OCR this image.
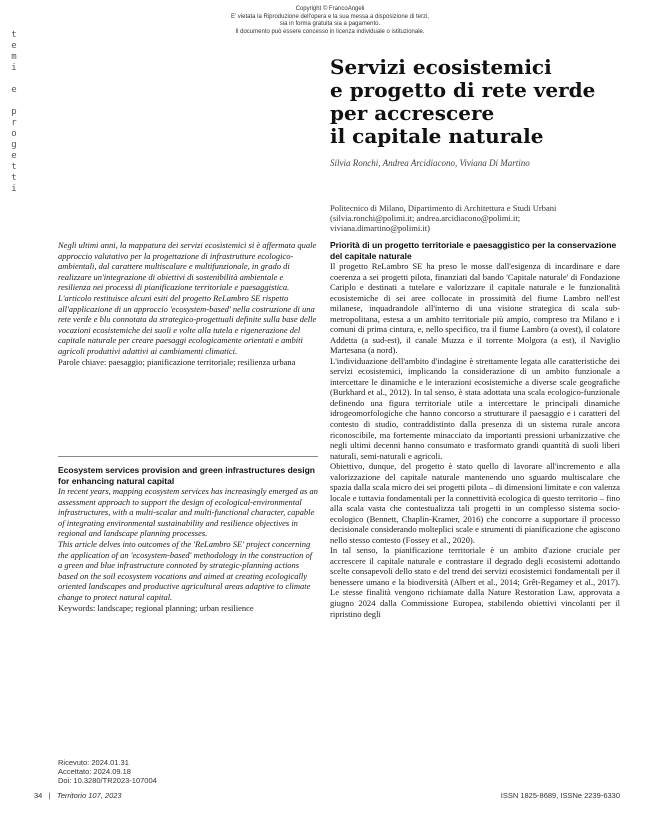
Copyright © FrancoAngeli
E' vietata la Riproduzione dell'opera e la sua messa a disposizione di terzi,
sia in forma gratuita sia a pagamento.
Il documento può essere concesso in licenza individuale o istituzionale.
t
e
m
i

e

p
r
o
g
e
t
t
i
Servizi ecosistemici
e progetto di rete verde
per accrescere
il capitale naturale
Silvia Ronchi, Andrea Arcidiacono, Viviana Di Martino
Politecnico di Milano, Dipartimento di Architettura e Studi Urbani
(silvia.ronchi@polimi.it; andrea.arcidiacono@polimi.it;
viviana.dimartino@polimi.it)

Negli ultimi anni, la mappatura dei servizi ecosistemici si è affermata quale approccio valutativo per la progettazione di infrastrutture ecologico-ambientali, dal carattere multiscalare e multifunzionale, in grado di realizzare un'integrazione di obiettivi di sostenibilità ambientale e resilienza nei processi di pianificazione territoriale e paesaggistica.

L'articolo restituisce alcuni esiti del progetto ReLambro SE rispetto all'applicazione di un approccio 'ecosystem-based' nella costruzione di una rete verde e blu connotata da strategico-progettuali definite sulla base delle vocazioni ecosistemiche dei suoli e volte alla tutela e rigenerazione del capitale naturale per creare paesaggi ecologicamente orientati e ambiti agricoli produttivi adattivi ai cambiamenti climatici.

Parole chiave: paesaggio; pianificazione territoriale; resilienza urbana

Ecosystem services provision and green infrastructures design for enhancing natural capital

In recent years, mapping ecosystem services has increasingly emerged as an assessment approach to support the design of ecological-environmental infrastructures, with a multi-scalar and multi-functional character, capable of integrating environmental sustainability and resilience objectives in regional and landscape planning processes.

This article delves into outcomes of the 'ReLambro SE' project concerning the application of an 'ecosystem-based' methodology in the construction of a green and blue infrastructure connoted by strategic-planning actions based on the soil ecosystem vocations and aimed at creating ecologically oriented landscapes and productive agricultural areas adaptive to climate change to protect natural capital.

Keywords: landscape; regional planning; urban resilience

Ricevuto: 2024.01.31
Accettato: 2024.09.18
Doi: 10.3280/TR2023-107004
Priorità di un progetto territoriale e paesaggistico per la conservazione del capitale naturale

Il progetto ReLambro SE ha preso le mosse dall'esigenza di incardinare e dare coerenza a sei progetti pilota, finanziati dal bando 'Capitale naturale' di Fondazione Cariplo e destinati a tutelare e valorizzare il capitale naturale e le funzionalità ecosistemiche di sei aree collocate in prossimità del fiume Lambro nell'est milanese, inquadrandole all'interno di una visione strategica di scala sub-metropolitana, estesa a un ambito territoriale più ampio, compreso tra Milano e i comuni di prima cintura, e, nello specifico, tra il fiume Lambro (a ovest), il colatore Addetta (a sud-est), il canale Muzza e il torrente Molgora (a est), il Naviglio Martesana (a nord).

L'individuazione dell'ambito d'indagine è strettamente legata alle caratteristiche dei servizi ecosistemici, implicando la considerazione di un ambito funzionale a intercettare le dinamiche e le interazioni ecosistemiche a diverse scale geografiche (Burkhard et al., 2012). In tal senso, è stata adottata una scala ecologico-funzionale definendo una figura territoriale utile a intercettare le principali dinamiche idrogeomorfologiche che hanno concorso a strutturare il paesaggio e i caratteri del contesto di studio, contraddistinto dalla presenza di un sistema rurale ancora riconoscibile, ma fortemente minacciato da importanti pressioni urbanizzative che negli ultimi decenni hanno consumato e trasformato grandi quantità di suoli liberi naturali, semi-naturali e agricoli.

Obiettivo, dunque, del progetto è stato quello di lavorare all'incremento e alla valorizzazione del capitale naturale mantenendo uno sguardo multiscalare che spazia dalla scala micro dei sei progetti pilota – di dimensioni limitate e con valenza locale e tuttavia fondamentali per la connettività ecologica di questo territorio – fino alla scala vasta che contestualizza tali progetti in un complesso sistema socio-ecologico (Bennett, Chaplin-Kramer, 2016) che concorre a supportare il processo decisionale considerando molteplici scale e strumenti di pianificazione che agiscono nello stesso contesto (Fossey et al., 2020).

In tal senso, la pianificazione territoriale è un ambito d'azione cruciale per accrescere il capitale naturale e contrastare il degrado degli ecosistemi adottando scelte consapevoli dello stato e del trend dei servizi ecosistemici fondamentali per il benessere umano e la biodiversità (Albert et al., 2014; Grêt-Regamey et al., 2017). Le stesse finalità vengono richiamate dalla Nature Restoration Law, approvata a giugno 2024 dalla Commissione Europea, stabilendo obiettivi vincolanti per il ripristino degli

34   |   Territorio 107, 2023	ISSN 1825-8689, ISSNe 2239-6330
